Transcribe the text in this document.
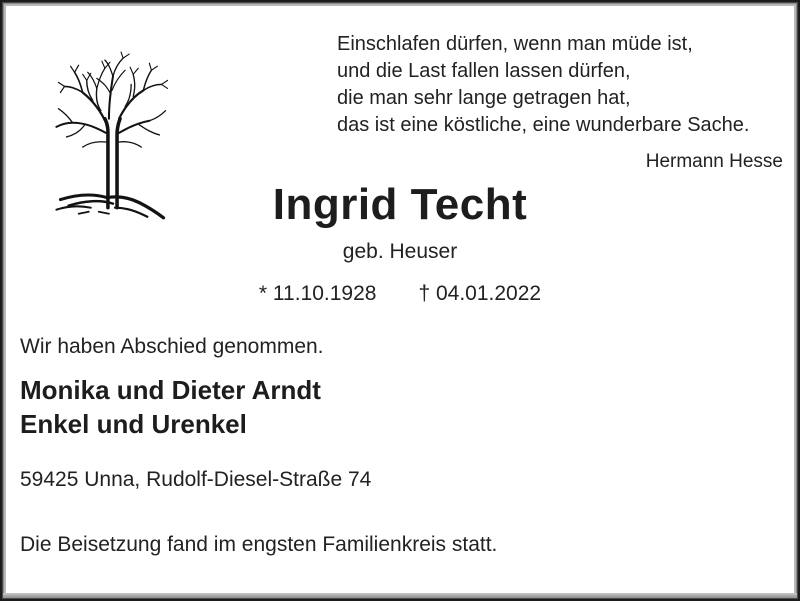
Einschlafen dürfen, wenn man müde ist,
und die Last fallen lassen dürfen,
die man sehr lange getragen hat,
das ist eine köstliche, eine wunderbare Sache.
Hermann Hesse
Ingrid Techt
geb. Heuser
* 11.10.1928 † 04.01.2022
Wir haben Abschied genommen.
Monika und Dieter Arndt
Enkel und Urenkel
59425 Unna, Rudolf-Diesel-Straße 74
Die Beisetzung fand im engsten Familienkreis statt.
